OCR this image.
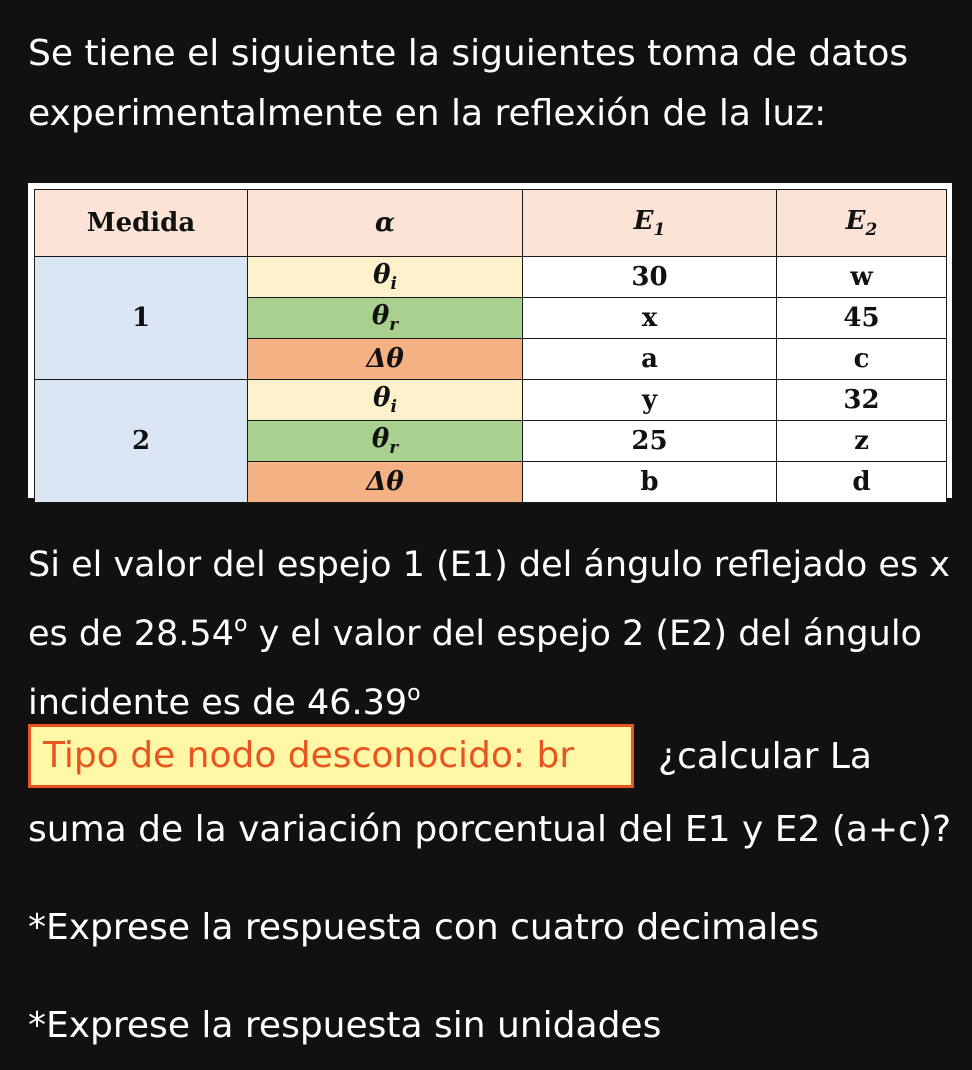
Se tiene el siguiente la siguientes toma de datos
experimentalmente en la reflexión de la luz:
Medida	α	$E_1$	$E_2$
1	$\theta_i$	30	w
	$\theta_r$	x	45
	Δθ	a	c
2	$\theta_i$	y	32
	$\theta_r$	25	z
	Δθ	b	d
Si el valor del espejo 1 (E1) del ángulo reflejado es x
es de 28.54$^o$ y el valor del espejo 2 (E2) del ángulo
incidente es de 46.39$^o$
Tipo de nodo desconocido: br	¿calcular La
suma de la variación porcentual del E1 y E2 (a+c)?
*Exprese la respuesta con cuatro decimales
*Exprese la respuesta sin unidades
